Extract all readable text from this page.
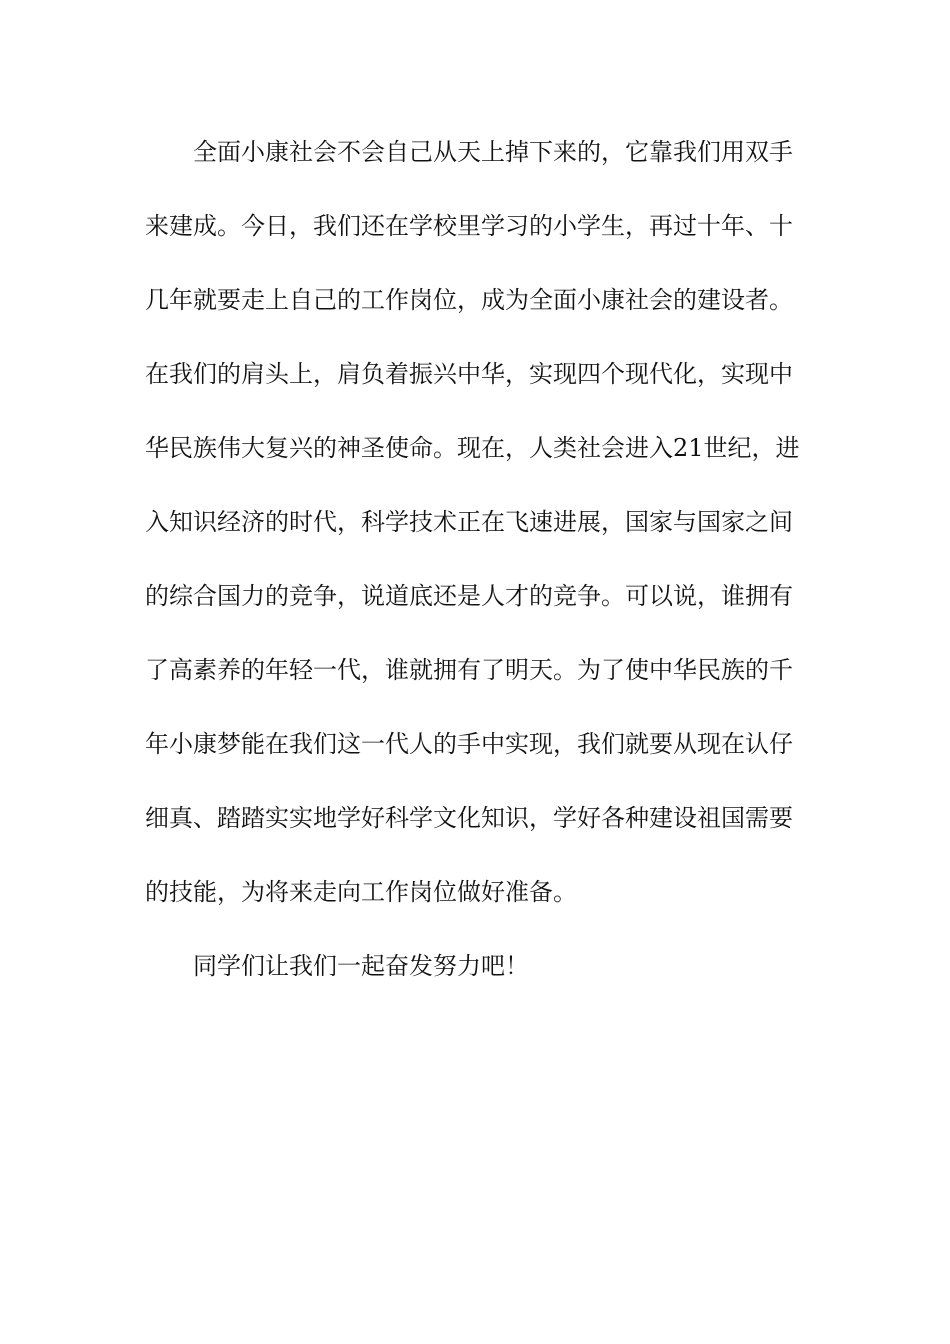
全面小康社会不会自己从天上掉下来的，它靠我们用双手
来建成。今日，我们还在学校里学习的小学生，再过十年、十
几年就要走上自己的工作岗位，成为全面小康社会的建设者。
在我们的肩头上，肩负着振兴中华，实现四个现代化，实现中
华民族伟大复兴的神圣使命。现在，人类社会进入21世纪，进
入知识经济的时代，科学技术正在飞速进展，国家与国家之间
的综合国力的竞争，说道底还是人才的竞争。可以说，谁拥有
了高素养的年轻一代，谁就拥有了明天。为了使中华民族的千
年小康梦能在我们这一代人的手中实现，我们就要从现在认仔
细真、踏踏实实地学好科学文化知识，学好各种建设祖国需要
的技能，为将来走向工作岗位做好准备。
同学们让我们一起奋发努力吧！
